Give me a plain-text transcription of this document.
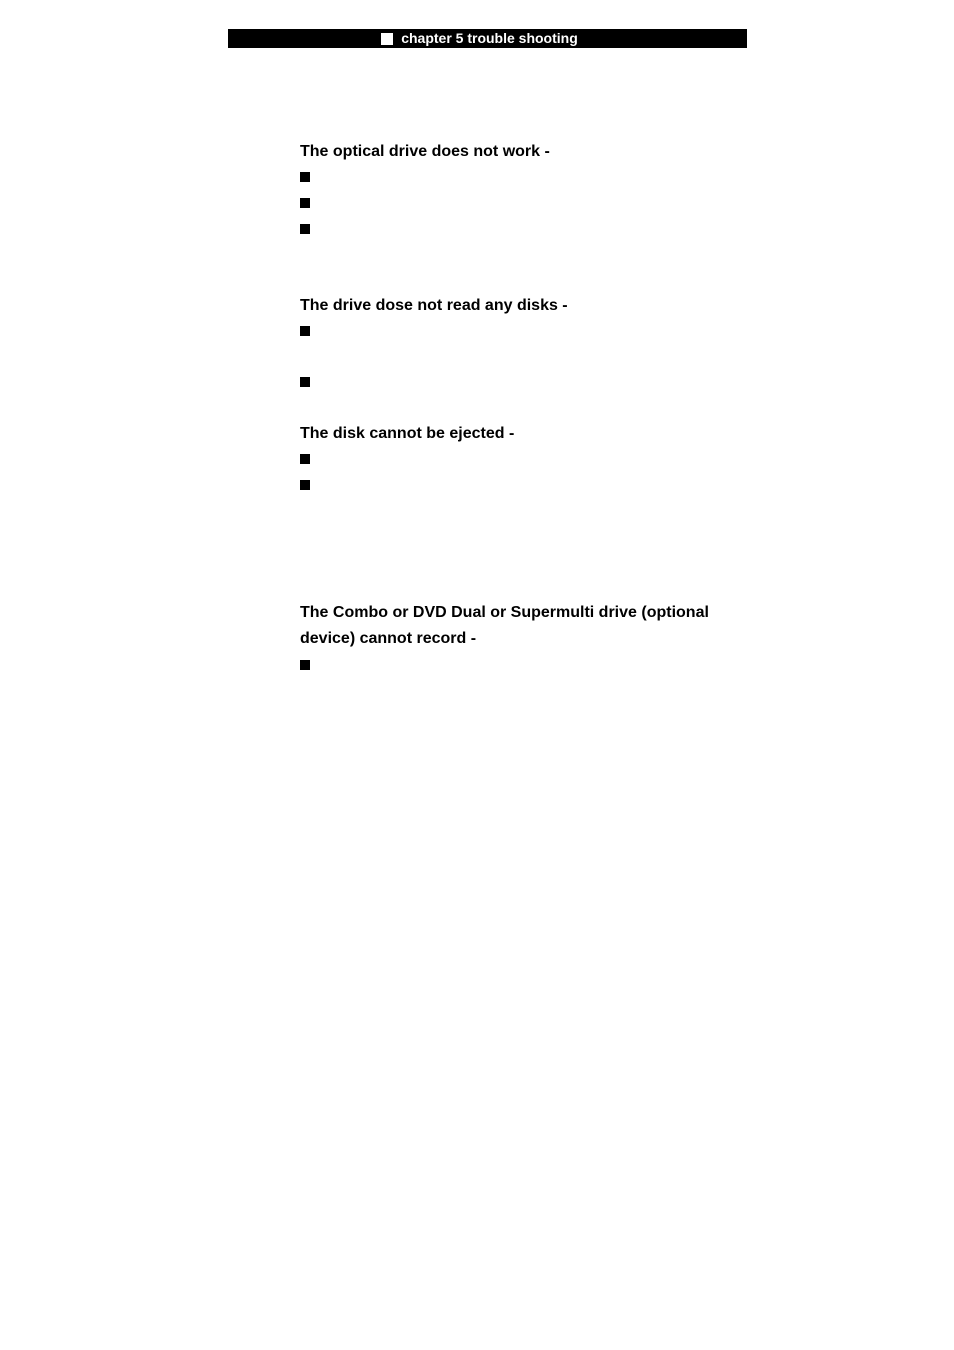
chapter 5 trouble shooting

The optical drive does not work -

The drive dose not read any disks -

The disk cannot be ejected -

The Combo or DVD Dual or Supermulti drive (optional device) cannot record -
